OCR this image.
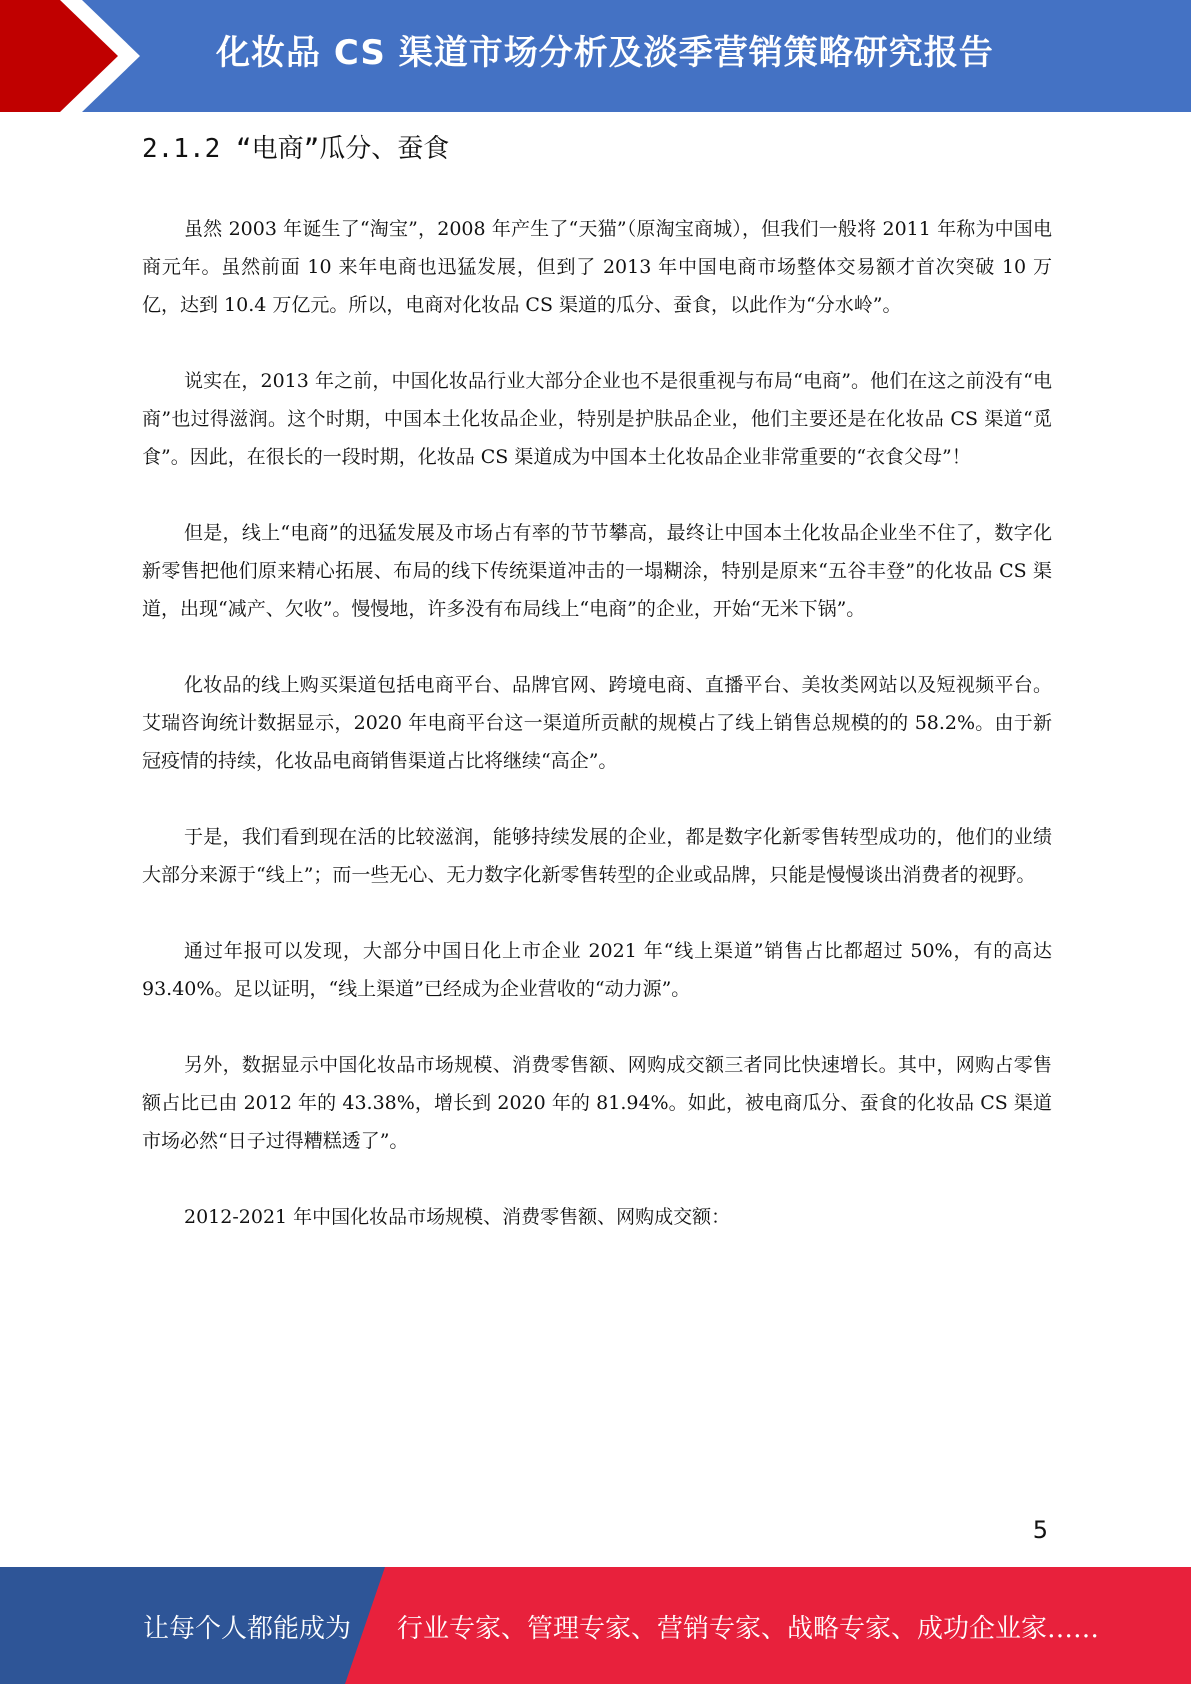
化妆品 CS 渠道市场分析及淡季营销策略研究报告
2.1.2 “电商”瓜分、蚕食

虽然 2003 年诞生了“淘宝”，2008 年产生了“天猫”（原淘宝商城），但我们一般将 2011 年称为中国电商元年。虽然前面 10 来年电商也迅猛发展，但到了 2013 年中国电商市场整体交易额才首次突破 10 万亿，达到 10.4 万亿元。所以，电商对化妆品 CS 渠道的瓜分、蚕食，以此作为“分水岭”。

说实在，2013 年之前，中国化妆品行业大部分企业也不是很重视与布局“电商”。他们在这之前没有“电商”也过得滋润。这个时期，中国本土化妆品企业，特别是护肤品企业，他们主要还是在化妆品 CS 渠道“觅食”。因此，在很长的一段时期，化妆品 CS 渠道成为中国本土化妆品企业非常重要的“衣食父母”！

但是，线上“电商”的迅猛发展及市场占有率的节节攀高，最终让中国本土化妆品企业坐不住了，数字化新零售把他们原来精心拓展、布局的线下传统渠道冲击的一塌糊涂，特别是原来“五谷丰登”的化妆品 CS 渠道，出现“减产、欠收”。慢慢地，许多没有布局线上“电商”的企业，开始“无米下锅”。

化妆品的线上购买渠道包括电商平台、品牌官网、跨境电商、直播平台、美妆类网站以及短视频平台。艾瑞咨询统计数据显示，2020 年电商平台这一渠道所贡献的规模占了线上销售总规模的的 58.2%。由于新冠疫情的持续，化妆品电商销售渠道占比将继续“高企”。

于是，我们看到现在活的比较滋润，能够持续发展的企业，都是数字化新零售转型成功的，他们的业绩大部分来源于“线上”；而一些无心、无力数字化新零售转型的企业或品牌，只能是慢慢谈出消费者的视野。

通过年报可以发现，大部分中国日化上市企业 2021 年“线上渠道”销售占比都超过 50%，有的高达 93.40%。足以证明，“线上渠道”已经成为企业营收的“动力源”。

另外，数据显示中国化妆品市场规模、消费零售额、网购成交额三者同比快速增长。其中，网购占零售额占比已由 2012 年的 43.38%，增长到 2020 年的 81.94%。如此，被电商瓜分、蚕食的化妆品 CS 渠道市场必然“日子过得糟糕透了”。

2012-2021 年中国化妆品市场规模、消费零售额、网购成交额：

5
让每个人都能成为 行业专家、管理专家、营销专家、战略专家、成功企业家……
